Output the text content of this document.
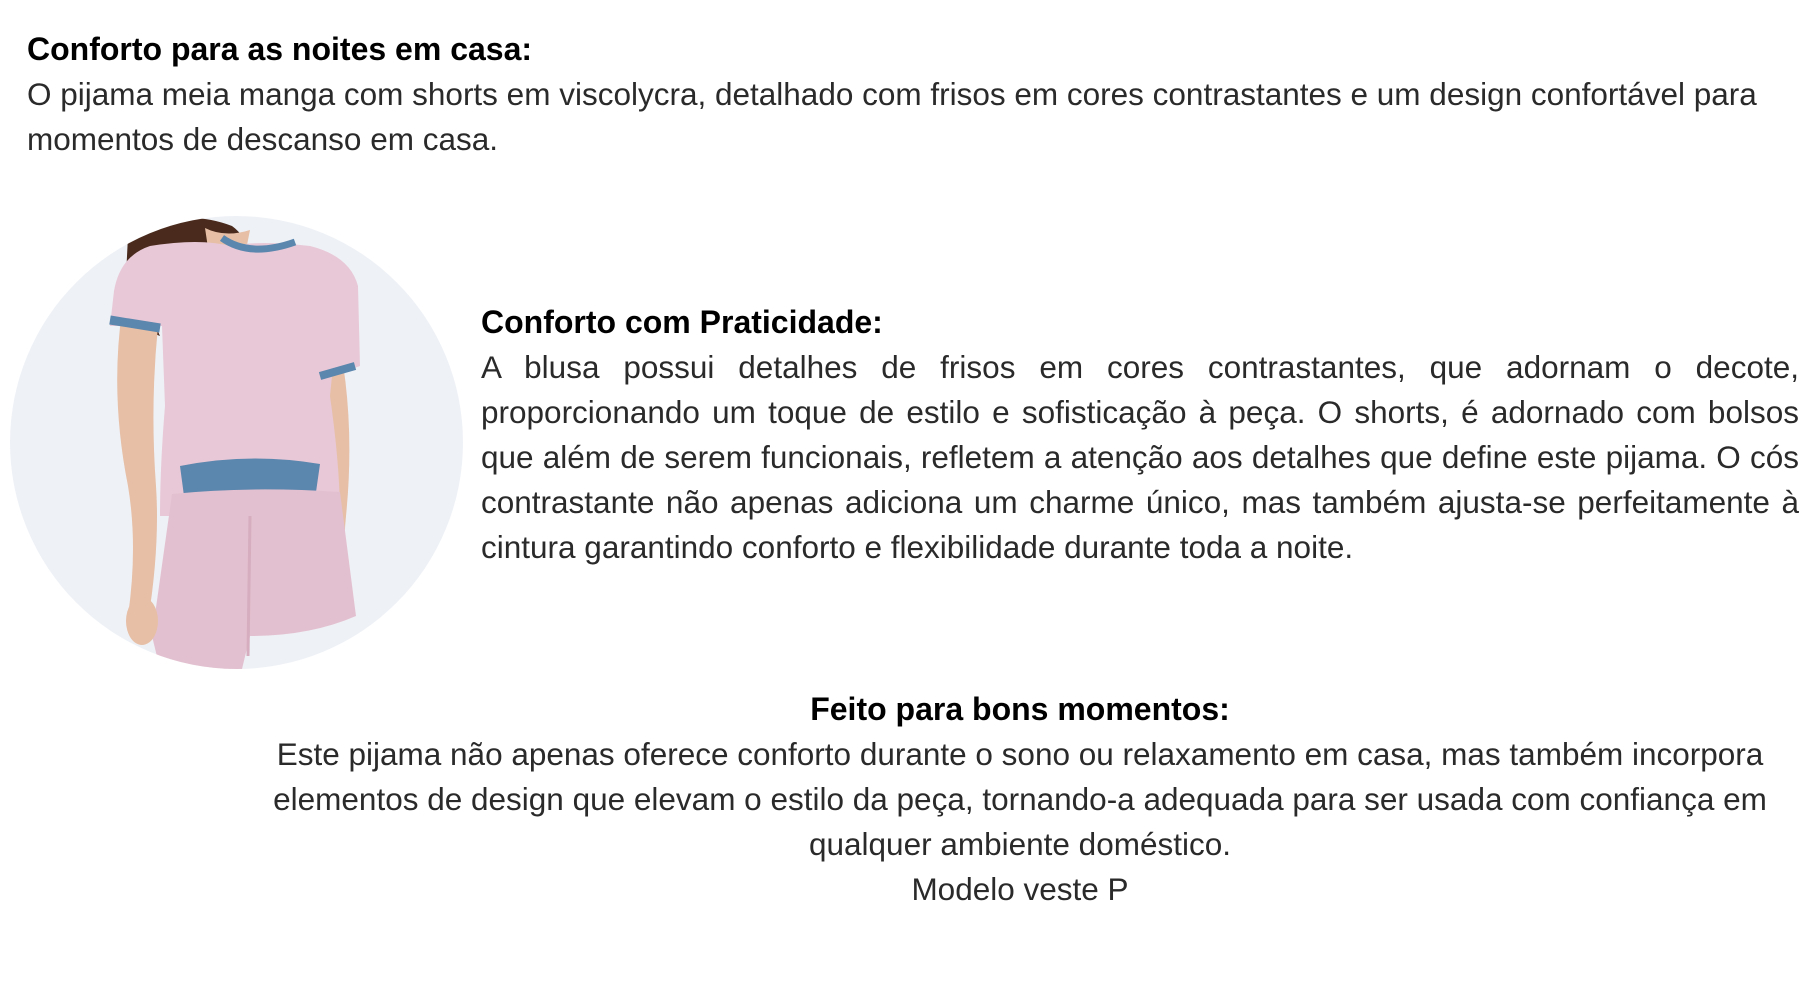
Conforto para as noites em casa:

O pijama meia manga com shorts em viscolycra, detalhado com frisos em cores contrastantes e um design confortável para momentos de descanso em casa.

Conforto com Praticidade:

A blusa possui detalhes de frisos em cores contrastantes, que adornam o decote, proporcionando um toque de estilo e sofisticação à peça. O shorts, é adornado com bolsos que além de serem funcionais, refletem a atenção aos detalhes que define este pijama. O cós contrastante não apenas adiciona um charme único, mas também ajusta-se perfeitamente à cintura garantindo conforto e flexibilidade durante toda a noite.

Feito para bons momentos:

Este pijama não apenas oferece conforto durante o sono ou relaxamento em casa, mas também incorpora elementos de design que elevam o estilo da peça, tornando-a adequada para ser usada com confiança em qualquer ambiente doméstico.

Modelo veste P
